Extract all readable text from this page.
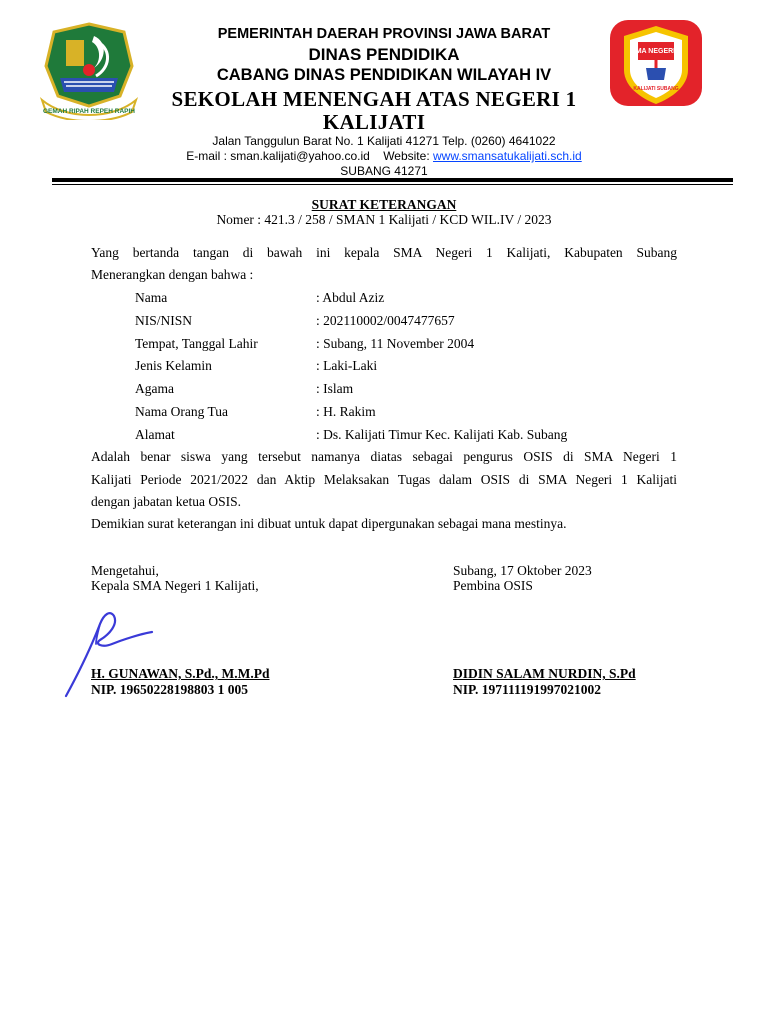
GEMAH RIPAH REPEH RAPIH
SMA NEGERI 1
KALIJATI SUBANG
PEMERINTAH DAERAH PROVINSI JAWA BARAT
DINAS PENDIDIKA
CABANG DINAS PENDIDIKAN WILAYAH IV
SEKOLAH MENENGAH ATAS NEGERI 1
KALIJATI
Jalan Tanggulun Barat No. 1 Kalijati 41271 Telp. (0260) 4641022
E-mail : sman.kalijati@yahoo.co.id Website: www.smansatukalijati.sch.id
SUBANG 41271
SURAT KETERANGAN
Nomer : 421.3 / 258 / SMAN 1 Kalijati / KCD WIL.IV / 2023
Yang bertanda tangan di bawah ini kepala SMA Negeri 1 Kalijati, Kabupaten Subang
Menerangkan dengan bahwa :
Nama	: Abdul Aziz
NIS/NISN	: 202110002/0047477657
Tempat, Tanggal Lahir	: Subang, 11 November 2004
Jenis Kelamin	: Laki-Laki
Agama	: Islam
Nama Orang Tua	: H. Rakim
Alamat	: Ds. Kalijati Timur Kec. Kalijati Kab. Subang
Adalah benar siswa yang tersebut namanya diatas sebagai pengurus OSIS di SMA Negeri 1
Kalijati Periode 2021/2022 dan Aktip Melaksakan Tugas dalam OSIS di SMA Negeri 1 Kalijati
dengan jabatan ketua OSIS.
Demikian surat keterangan ini dibuat untuk dapat dipergunakan sebagai mana mestinya.
Mengetahui,
Kepala SMA Negeri 1 Kalijati,
Subang, 17 Oktober 2023
Pembina OSIS
H. GUNAWAN, S.Pd., M.M.Pd
NIP. 19650228198803 1 005
DIDIN SALAM NURDIN, S.Pd
NIP. 197111191997021002
